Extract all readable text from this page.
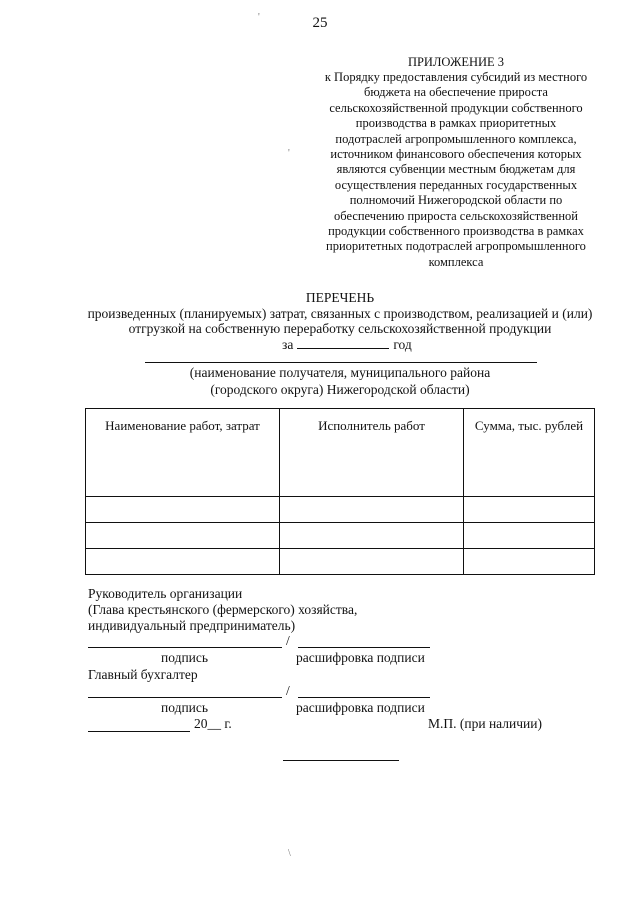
25
ПРИЛОЖЕНИЕ 3
к Порядку предоставления субсидий из местного
бюджета на обеспечение прироста
сельскохозяйственной продукции собственного
производства в рамках приоритетных
подотраслей агропромышленного комплекса,
источником финансового обеспечения которых
являются субвенции местным бюджетам для
осуществления переданных государственных
полномочий Нижегородской области по
обеспечению прироста сельскохозяйственной
продукции собственного производства в рамках
приоритетных подотраслей агропромышленного
комплекса
ПЕРЕЧЕНЬ
произведенных (планируемых) затрат, связанных с производством, реализацией и (или)
отгрузкой на собственную переработку сельскохозяйственной продукции
за	год
(наименование получателя, муниципального района
(городского округа) Нижегородской области)
Наименование работ, затрат	Исполнитель работ	Сумма, тыс. рублей

Руководитель организации
(Глава крестьянского (фермерского) хозяйства,
индивидуальный предприниматель)
/
подпись	расшифровка подписи
Главный бухгалтер
/
подпись	расшифровка подписи
20__ г.	М.П. (при наличии)
'
'
\
